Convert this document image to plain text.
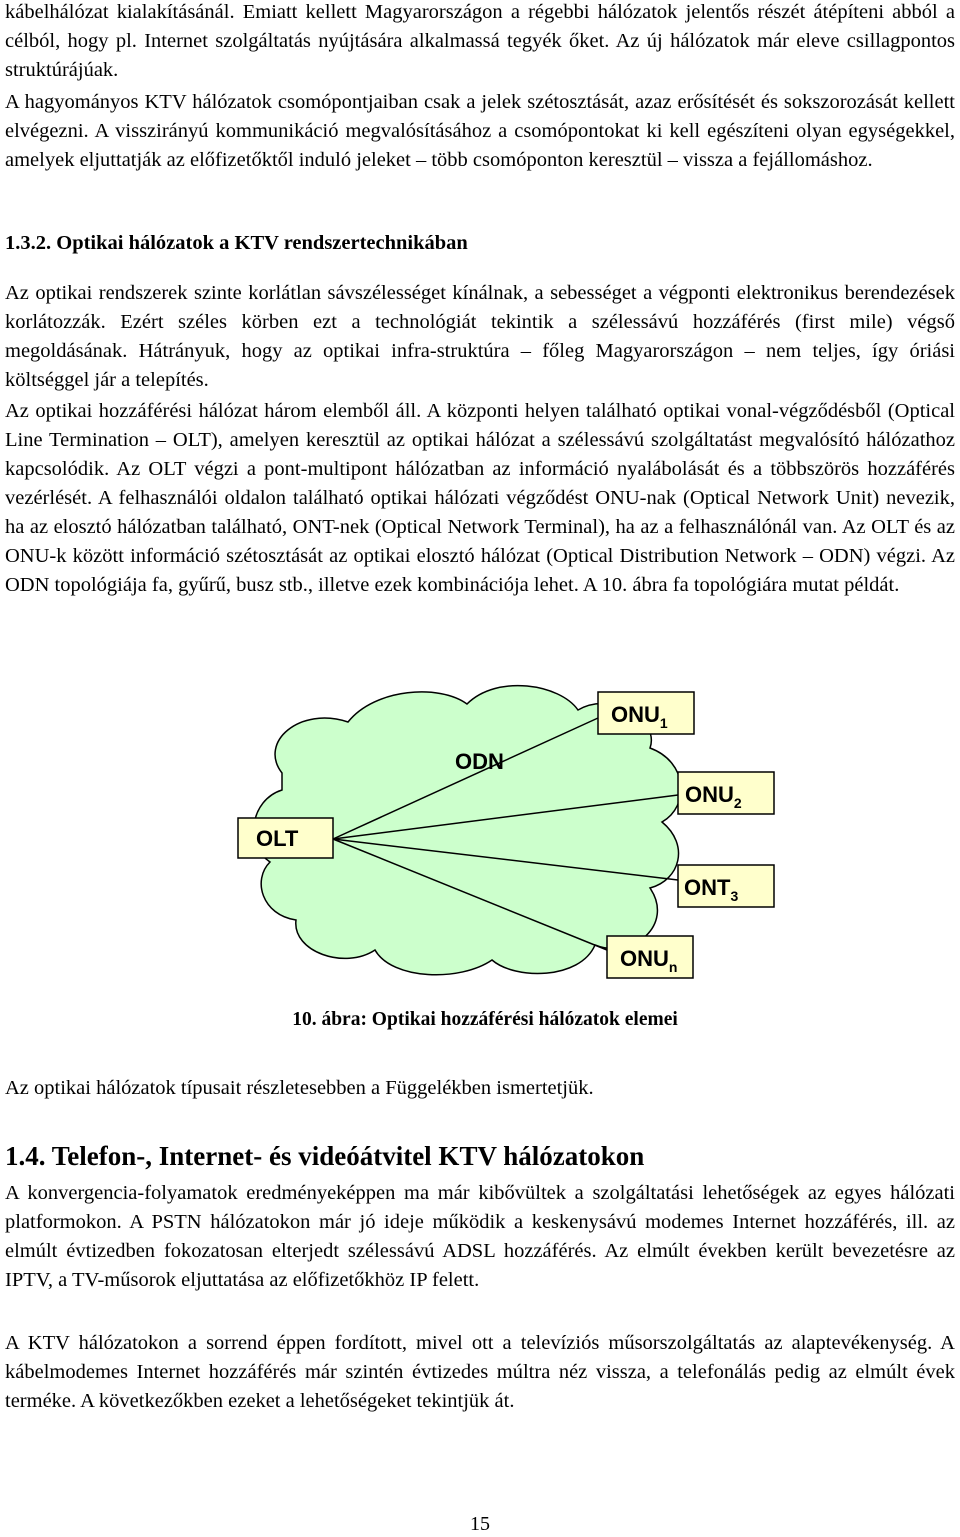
kábelhálózat kialakításánál. Emiatt kellett Magyarországon a régebbi hálózatok jelentős részét átépíteni abból a célból, hogy pl. Internet szolgáltatás nyújtására alkalmassá tegyék őket. Az új hálózatok már eleve csillagpontos struktúrájúak.

A hagyományos KTV hálózatok csomópontjaiban csak a jelek szétosztását, azaz erősítését és sokszorozását kellett elvégezni. A visszirányú kommunikáció megvalósításához a csomópontokat ki kell egészíteni olyan egységekkel, amelyek eljuttatják az előfizetőktől induló jeleket – több csomóponton keresztül – vissza a fejállomáshoz.

1.3.2. Optikai hálózatok a KTV rendszertechnikában

Az optikai rendszerek szinte korlátlan sávszélességet kínálnak, a sebességet a végponti elektronikus berendezések korlátozzák. Ezért széles körben ezt a technológiát tekintik a szélessávú hozzáférés (first mile) végső megoldásának. Hátrányuk, hogy az optikai infra-struktúra – főleg Magyarországon – nem teljes, így óriási költséggel jár a telepítés.

Az optikai hozzáférési hálózat három elemből áll. A központi helyen található optikai vonal-végződésből (Optical Line Termination – OLT), amelyen keresztül az optikai hálózat a szélessávú szolgáltatást megvalósító hálózathoz kapcsolódik. Az OLT végzi a pont-multipont hálózatban az információ nyalábolását és a többszörös hozzáférés vezérlését. A felhasználói oldalon található optikai hálózati végződést ONU-nak (Optical Network Unit) nevezik, ha az elosztó hálózatban található, ONT-nek (Optical Network Terminal), ha az a felhasználónál van. Az OLT és az ONU-k között információ szétosztását az optikai elosztó hálózat (Optical Distribution Network – ODN) végzi. Az ODN topológiája fa, gyűrű, busz stb., illetve ezek kombinációja lehet. A 10. ábra fa topológiára mutat példát.

ODN
OLT
$ONU_1$
$ONU_2$
$ONT_3$
$ONU_n$
10. ábra: Optikai hozzáférési hálózatok elemei

Az optikai hálózatok típusait részletesebben a Függelékben ismertetjük.

1.4. Telefon-, Internet- és videóátvitel KTV hálózatokon

A konvergencia-folyamatok eredményeképpen ma már kibővültek a szolgáltatási lehetőségek az egyes hálózati platformokon. A PSTN hálózatokon már jó ideje működik a keskenysávú modemes Internet hozzáférés, ill. az elmúlt évtizedben fokozatosan elterjedt szélessávú ADSL hozzáférés. Az elmúlt években került bevezetésre az IPTV, a TV-műsorok eljuttatása az előfizetőkhöz IP felett.

A KTV hálózatokon a sorrend éppen fordított, mivel ott a televíziós műsorszolgáltatás az alaptevékenység. A kábelmodemes Internet hozzáférés már szintén évtizedes múltra néz vissza, a telefonálás pedig az elmúlt évek terméke. A következőkben ezeket a lehetőségeket tekintjük át.

15
